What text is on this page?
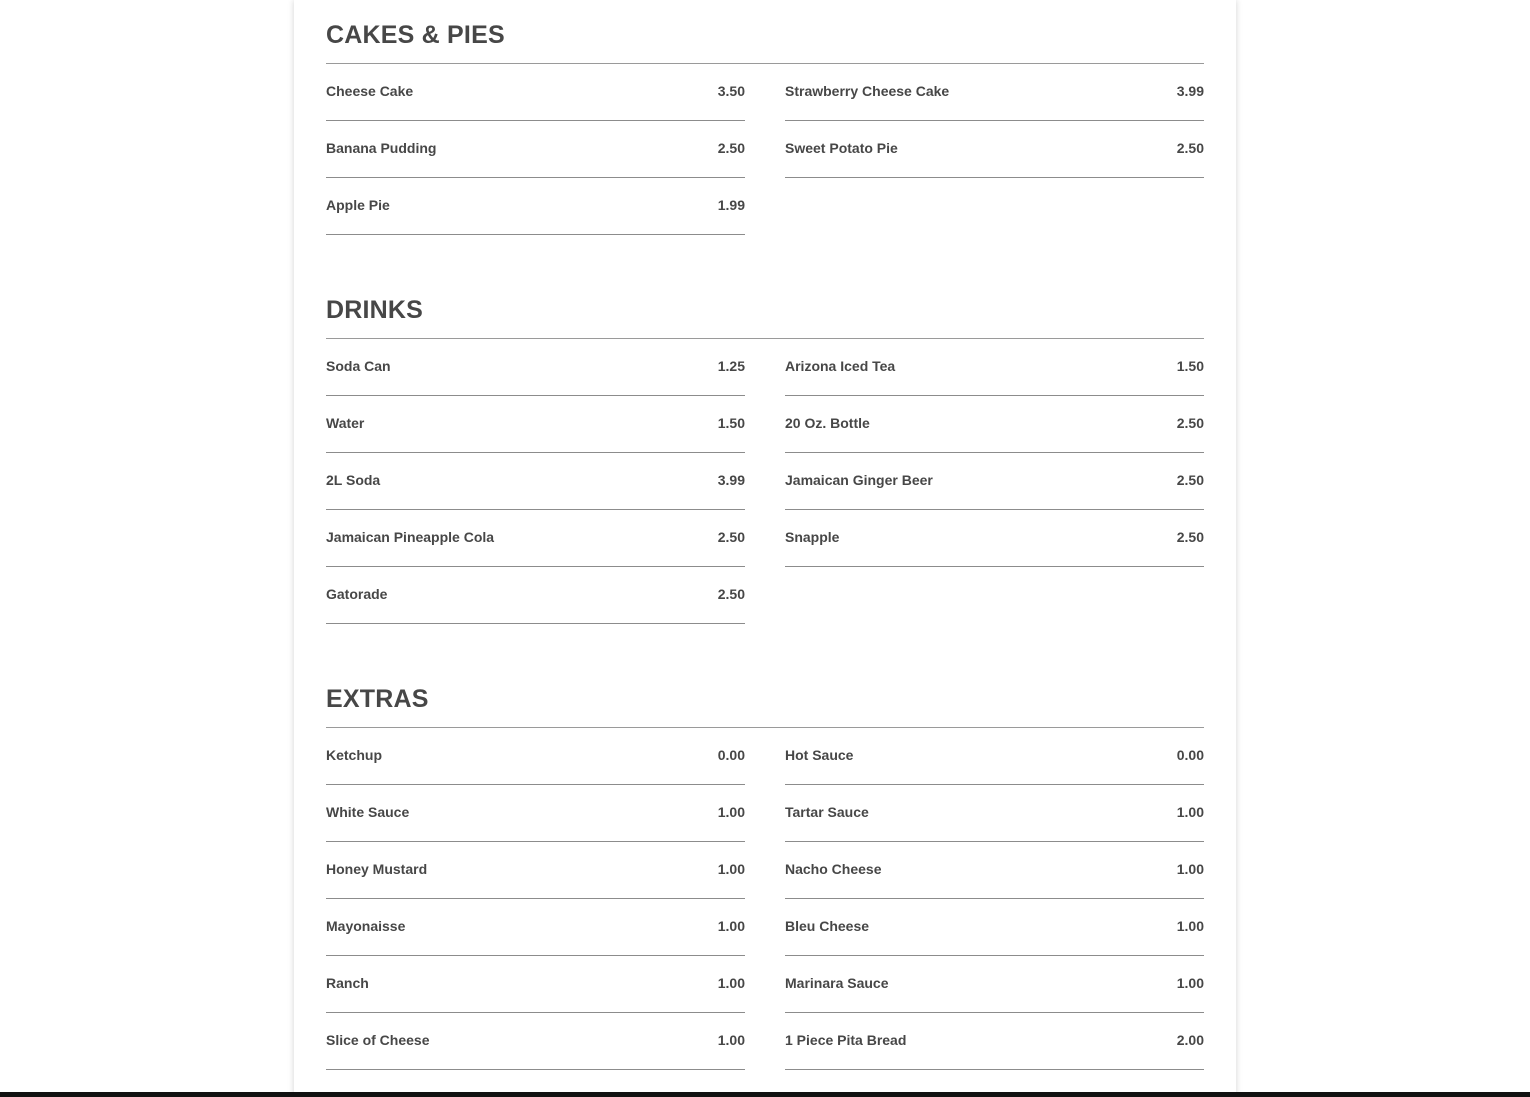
CAKES & PIES
Cheese Cake	3.50	Strawberry Cheese Cake	3.99
Banana Pudding	2.50	Sweet Potato Pie	2.50
Apple Pie	1.99
DRINKS
Soda Can	1.25	Arizona Iced Tea	1.50
Water	1.50	20 Oz. Bottle	2.50
2L Soda	3.99	Jamaican Ginger Beer	2.50
Jamaican Pineapple Cola	2.50	Snapple	2.50
Gatorade	2.50
EXTRAS
Ketchup	0.00	Hot Sauce	0.00
White Sauce	1.00	Tartar Sauce	1.00
Honey Mustard	1.00	Nacho Cheese	1.00
Mayonaisse	1.00	Bleu Cheese	1.00
Ranch	1.00	Marinara Sauce	1.00
Slice of Cheese	1.00	1 Piece Pita Bread	2.00
